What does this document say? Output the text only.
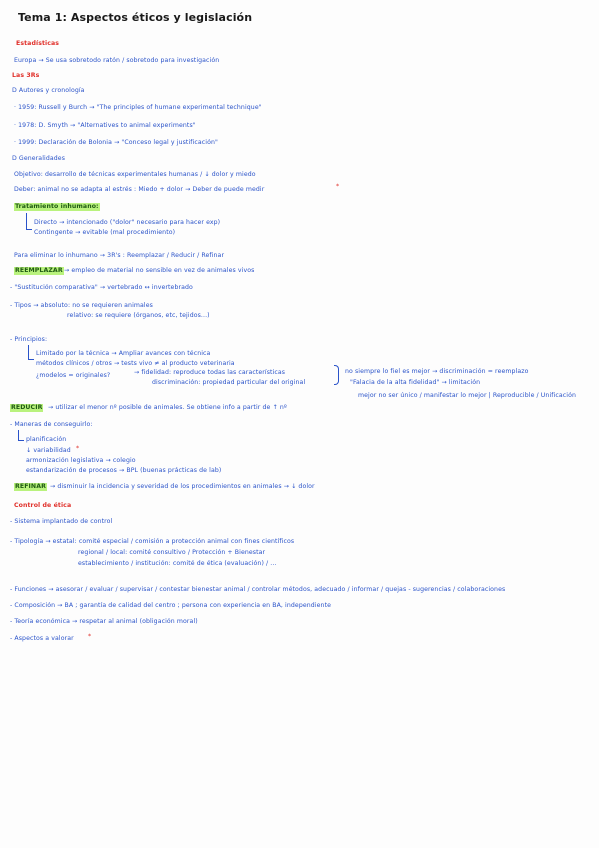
Tema 1: Aspectos éticos y legislación
Estadísticas
Europa → Se usa sobretodo ratón / sobretodo para investigación
Las 3Rs
D Autores y cronología
· 1959: Russell y Burch → "The principles of humane experimental technique"
· 1978: D. Smyth → "Alternatives to animal experiments"
· 1999: Declaración de Bolonia → "Conceso legal y justificación"
D Generalidades
Objetivo: desarrollo de técnicas experimentales humanas / ↓ dolor y miedo
Deber: animal no se adapta al estrés : Miedo + dolor → Deber de puede medir	*
Tratamiento inhumano:
Directo → intencionado ("dolor" necesario para hacer exp)
Contingente → evitable (mal procedimiento)
Para eliminar lo inhumano → 3R's : Reemplazar / Reducir / Refinar
REEMPLAZAR → empleo de material no sensible en vez de animales vivos
- "Sustitución comparativa" → vertebrado ↔ invertebrado
- Tipos → absoluto: no se requieren animales
relativo: se requiere (órganos, etc, tejidos...)
- Principios:
Limitado por la técnica → Ampliar avances con técnica
métodos clínicos / otros → tests vivo ≠ al producto veterinaria
¿modelos = originales?	→ fidelidad: reproduce todas las características
discriminación: propiedad particular del original
no siempre lo fiel es mejor → discriminación = reemplazo
"Falacia de la alta fidelidad" → limitación
mejor no ser único / manifestar lo mejor | Reproducible / Unificación
REDUCIR → utilizar el menor nº posible de animales. Se obtiene info a partir de ↑ nº
- Maneras de conseguirlo:
planificación
↓ variabilidad *
armonización legislativa → colegio
estandarización de procesos → BPL (buenas prácticas de lab)
REFINAR → disminuir la incidencia y severidad de los procedimientos en animales → ↓ dolor
Control de ética
- Sistema implantado de control
- Tipología → estatal: comité especial / comisión a protección animal con fines científicos
regional / local: comité consultivo / Protección + Bienestar
establecimiento / institución: comité de ética (evaluación) / ...
- Funciones → asesorar / evaluar / supervisar / contestar bienestar animal / controlar métodos, adecuado / informar / quejas - sugerencias / colaboraciones
- Composición → BA ; garantía de calidad del centro ; persona con experiencia en BA, independiente
- Teoría económica → respetar al animal (obligación moral)
- Aspectos a valorar *
